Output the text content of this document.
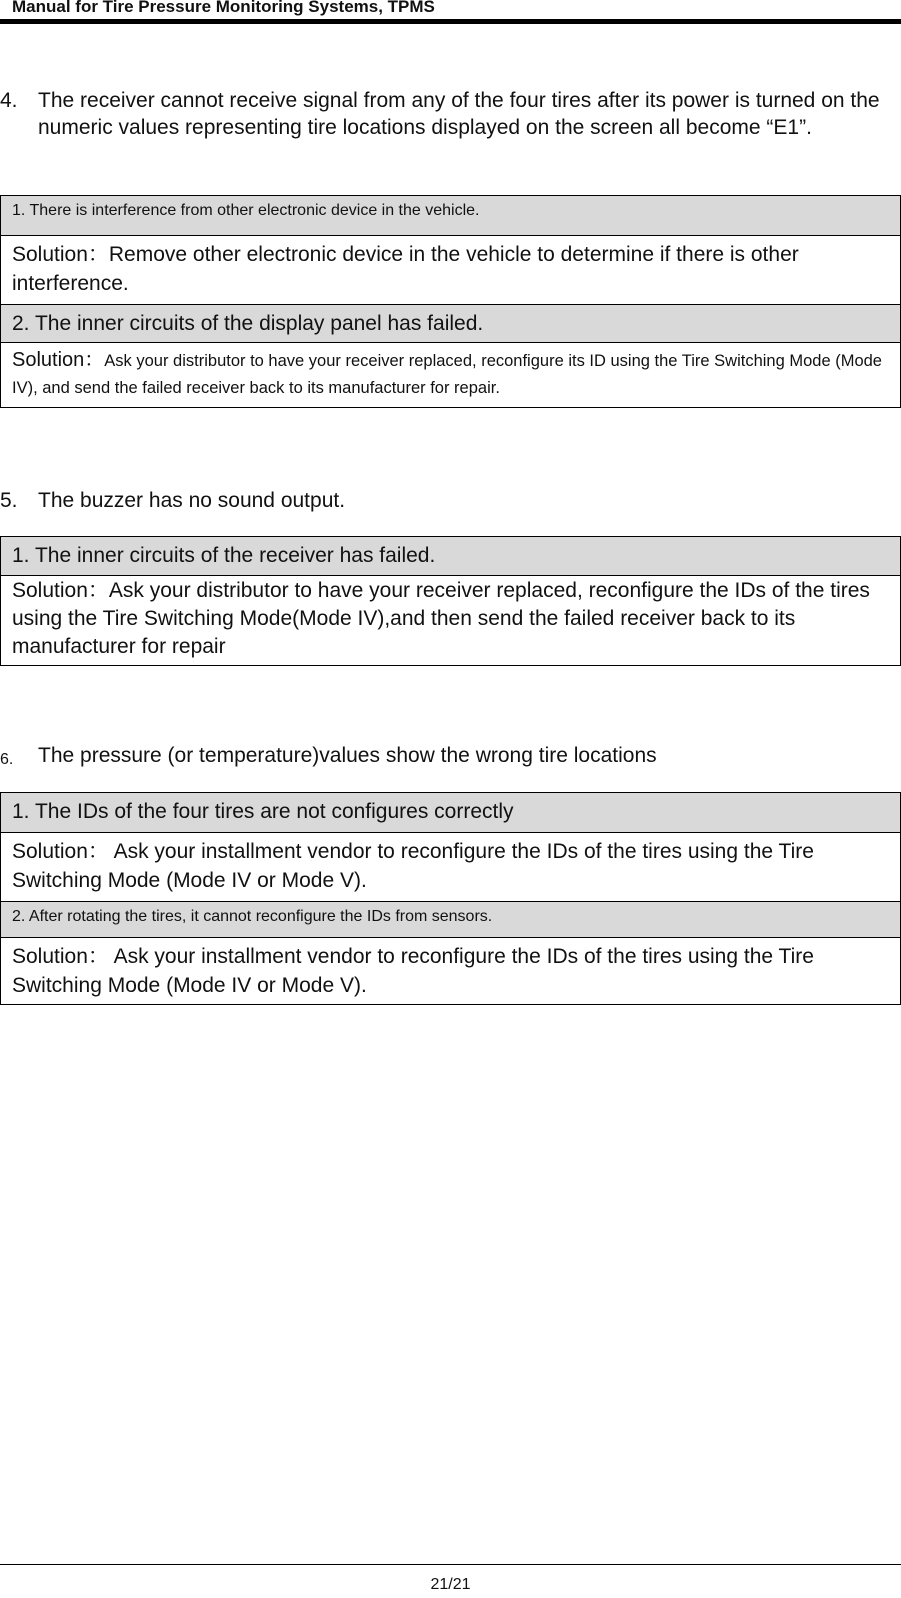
Manual for Tire Pressure Monitoring Systems, TPMS
4. The receiver cannot receive signal from any of the four tires after its power is turned on the numeric values representing tire locations displayed on the screen all become “E1”.
1. There is interference from other electronic device in the vehicle.
Solution：Remove other electronic device in the vehicle to determine if there is other interference.
2. The inner circuits of the display panel has failed.
Solution：Ask your distributor to have your receiver replaced, reconfigure its ID using the Tire Switching Mode (Mode IV), and send the failed receiver back to its manufacturer for repair.
5. The buzzer has no sound output.
1. The inner circuits of the receiver has failed.
Solution：Ask your distributor to have your receiver replaced, reconfigure the IDs of the tires using the Tire Switching Mode(Mode IV),and then send the failed receiver back to its manufacturer for repair
6. The pressure (or temperature)values show the wrong tire locations
1. The IDs of the four tires are not configures correctly
Solution： Ask your installment vendor to reconfigure the IDs of the tires using the Tire Switching Mode (Mode IV or Mode V).
2. After rotating the tires, it cannot reconfigure the IDs from sensors.
Solution： Ask your installment vendor to reconfigure the IDs of the tires using the Tire Switching Mode (Mode IV or Mode V).
21/21
